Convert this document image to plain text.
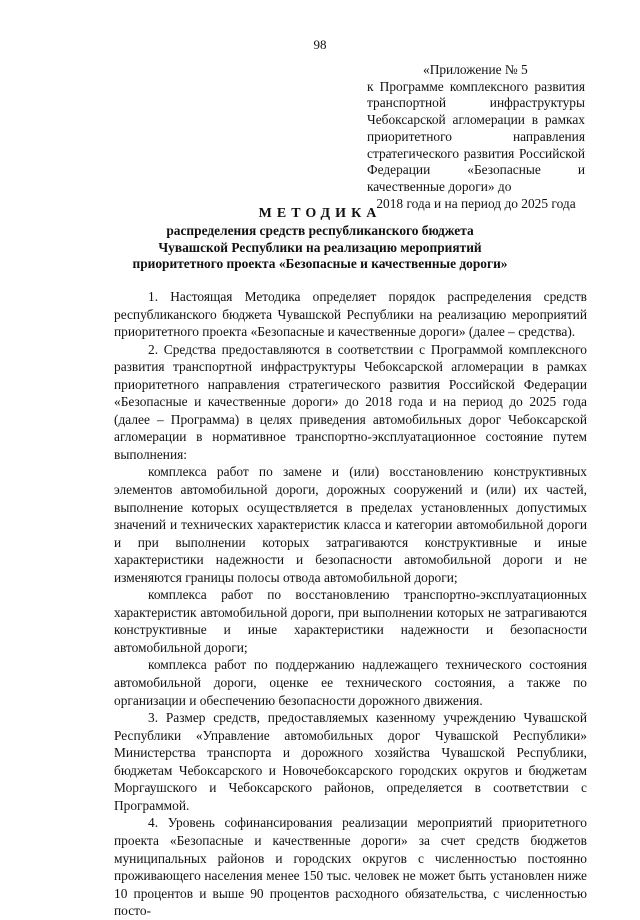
98
«Приложение № 5
к Программе комплексного развития транспортной инфраструктуры Чебоксарской агломерации в рамках приоритетного направления стратегического развития Российской Федерации «Безопасные и качественные дороги» до
2018 года и на период до 2025 года
МЕТОДИКА
распределения средств республиканского бюджета
Чувашской Республики на реализацию мероприятий
приоритетного проекта «Безопасные и качественные дороги»

1. Настоящая Методика определяет порядок распределения средств республиканского бюджета Чувашской Республики на реализацию мероприятий приоритетного проекта «Безопасные и качественные дороги» (далее – средства).

2. Средства предоставляются в соответствии с Программой комплексного развития транспортной инфраструктуры Чебоксарской агломерации в рамках приоритетного направления стратегического развития Российской Федерации «Безопасные и качественные дороги» до 2018 года и на период до 2025 года (далее – Программа) в целях приведения автомобильных дорог Чебоксарской агломерации в нормативное транспортно-эксплуатационное состояние путем выполнения:

комплекса работ по замене и (или) восстановлению конструктивных элементов автомобильной дороги, дорожных сооружений и (или) их частей, выполнение которых осуществляется в пределах установленных допустимых значений и технических характеристик класса и категории автомобильной дороги и при выполнении которых затрагиваются конструктивные и иные характеристики надежности и безопасности автомобильной дороги и не изменяются границы полосы отвода автомобильной дороги;

комплекса работ по восстановлению транспортно-эксплуатационных характеристик автомобильной дороги, при выполнении которых не затрагиваются конструктивные и иные характеристики надежности и безопасности автомобильной дороги;

комплекса работ по поддержанию надлежащего технического состояния автомобильной дороги, оценке ее технического состояния, а также по организации и обеспечению безопасности дорожного движения.

3. Размер средств, предоставляемых казенному учреждению Чувашской Республики «Управление автомобильных дорог Чувашской Республики» Министерства транспорта и дорожного хозяйства Чувашской Республики, бюджетам Чебоксарского и Новочебоксарского городских округов и бюджетам Моргаушского и Чебоксарского районов, определяется в соответствии с Программой.

4. Уровень софинансирования реализации мероприятий приоритетного проекта «Безопасные и качественные дороги» за счет средств бюджетов муниципальных районов и городских округов с численностью постоянно проживающего населения менее 150 тыс. человек не может быть установлен ниже 10 процентов и выше 90 процентов расходного обязательства, с численностью посто-
